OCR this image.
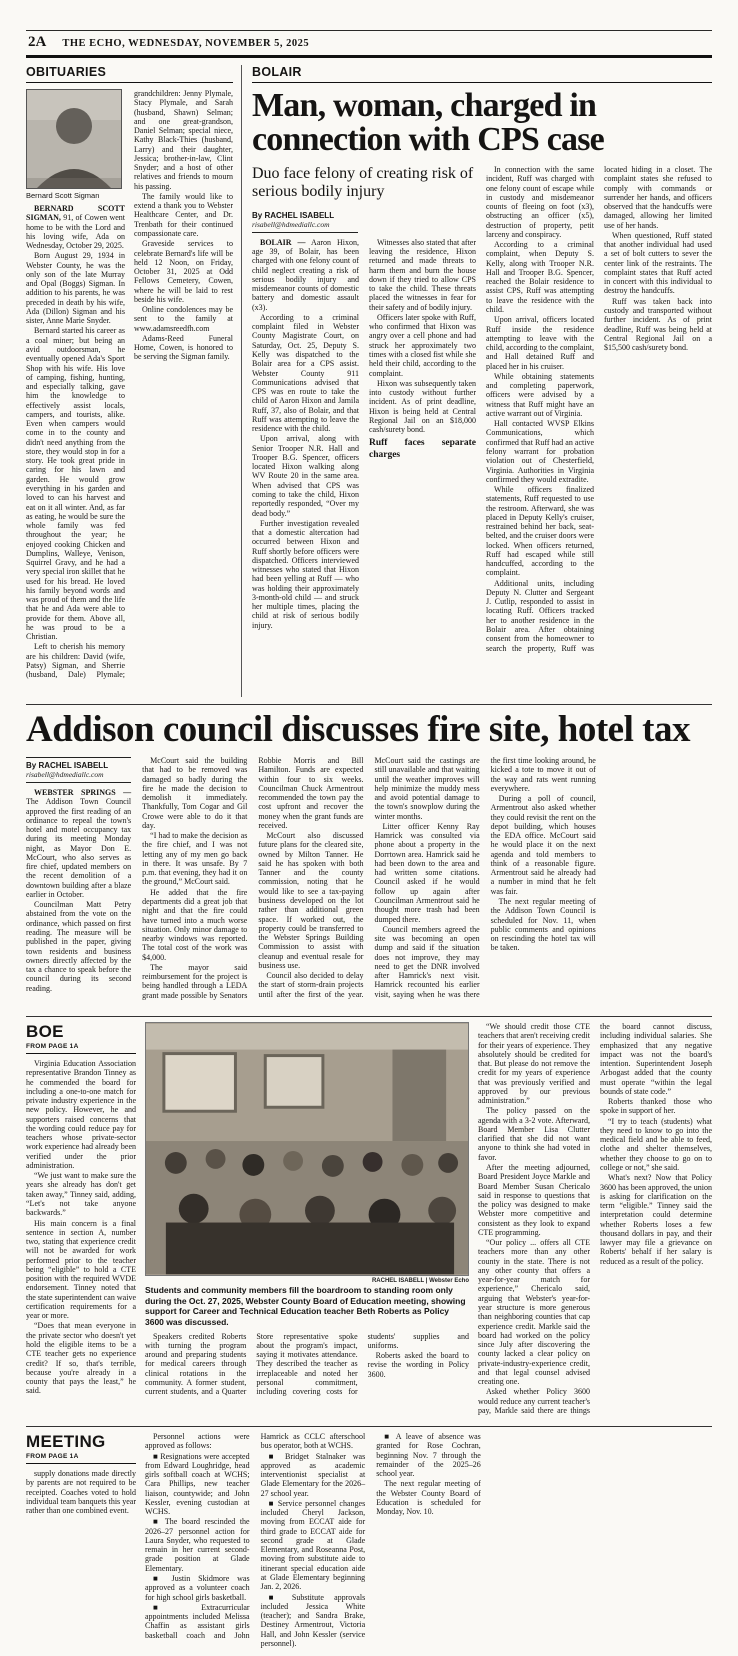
2A THE ECHO, WEDNESDAY, NOVEMBER 5, 2025
OBITUARIES
Bernard Scott Sigman

BERNARD SCOTT SIGMAN, 91, of Cowen went home to be with the Lord and his loving wife, Ada on Wednesday, October 29, 2025.

Born August 29, 1934 in Webster County, he was the only son of the late Murray and Opal (Boggs) Sigman. In addition to his parents, he was preceded in death by his wife, Ada (Dillon) Sigman and his sister, Anne Marie Snyder.

Bernard started his career as a coal miner; but being an avid outdoorsman, he eventually opened Ada's Sport Shop with his wife. His love of camping, fishing, hunting, and especially talking, gave him the knowledge to effectively assist locals, campers, and tourists, alike. Even when campers would come in to the county and didn't need anything from the store, they would stop in for a story. He took great pride in caring for his lawn and garden. He would grow everything in his garden and loved to can his harvest and eat on it all winter. And, as far as eating, he would be sure the whole family was fed throughout the year; he enjoyed cooking Chicken and Dumplins, Walleye, Venison, Squirrel Gravy, and he had a very special iron skillet that he used for his bread. He loved his family beyond words and was proud of them and the life that he and Ada were able to provide for them. Above all, he was proud to be a Christian.

Left to cherish his memory are his children: David (wife, Patsy) Sigman, and Sherrie (husband, Dale) Plymale; grandchildren: Jenny Plymale, Stacy Plymale, and Sarah (husband, Shawn) Selman; and one great-grandson, Daniel Selman; special niece, Kathy Black-Thies (husband, Larry) and their daughter, Jessica; brother-in-law, Clint Snyder; and a host of other relatives and friends to mourn his passing.

The family would like to extend a thank you to Webster Healthcare Center, and Dr. Trenbath for their continued compassionate care.

Graveside services to celebrate Bernard's life will be held 12 Noon, on Friday, October 31, 2025 at Odd Fellows Cemetery, Cowen, where he will be laid to rest beside his wife.

Online condolences may be sent to the family at www.adamsreedfh.com

Adams-Reed Funeral Home, Cowen, is honored to be serving the Sigman family.

BOLAIR
Man, woman, charged in connection with CPS case
Duo face felony of creating risk of serious bodily injury
By RACHEL ISABELL
risabell@hdmediallc.com

BOLAIR — Aaron Hixon, age 39, of Bolair, has been charged with one felony count of child neglect creating a risk of serious bodily injury and misdemeanor counts of domestic battery and domestic assault (x3).

According to a criminal complaint filed in Webster County Magistrate Court, on Saturday, Oct. 25, Deputy S. Kelly was dispatched to the Bolair area for a CPS assist. Webster County 911 Communications advised that CPS was en route to take the child of Aaron Hixon and Jamila Ruff, 37, also of Bolair, and that Ruff was attempting to leave the residence with the child.

Upon arrival, along with Senior Trooper N.R. Hall and Trooper B.G. Spencer, officers located Hixon walking along WV Route 20 in the same area. When advised that CPS was coming to take the child, Hixon reportedly responded, “Over my dead body.”

Further investigation revealed that a domestic altercation had occurred between Hixon and Ruff shortly before officers were dispatched. Officers interviewed witnesses who stated that Hixon had been yelling at Ruff — who was holding their approximately 3-month-old child — and struck her multiple times, placing the child at risk of serious bodily injury.

Witnesses also stated that after leaving the residence, Hixon returned and made threats to harm them and burn the house down if they tried to allow CPS to take the child. These threats placed the witnesses in fear for their safety and of bodily injury.

Officers later spoke with Ruff, who confirmed that Hixon was angry over a cell phone and had struck her approximately two times with a closed fist while she held their child, according to the complaint.

Hixon was subsequently taken into custody without further incident. As of print deadline, Hixon is being held at Central Regional Jail on an $18,000 cash/surety bond.

Ruff faces separate charges

In connection with the same incident, Ruff was charged with one felony count of escape while in custody and misdemeanor counts of fleeing on foot (x3), obstructing an officer (x5), destruction of property, petit larceny and conspiracy.

According to a criminal complaint, when Deputy S. Kelly, along with Trooper N.R. Hall and Trooper B.G. Spencer, reached the Bolair residence to assist CPS, Ruff was attempting to leave the residence with the child.

Upon arrival, officers located Ruff inside the residence attempting to leave with the child, according to the complaint, and Hall detained Ruff and placed her in his cruiser.

While obtaining statements and completing paperwork, officers were advised by a witness that Ruff might have an active warrant out of Virginia.

Hall contacted WVSP Elkins Communications, which confirmed that Ruff had an active felony warrant for probation violation out of Chesterfield, Virginia. Authorities in Virginia confirmed they would extradite.

While officers finalized statements, Ruff requested to use the restroom. Afterward, she was placed in Deputy Kelly's cruiser, restrained behind her back, seat-belted, and the cruiser doors were locked. When officers returned, Ruff had escaped while still handcuffed, according to the complaint.

Additional units, including Deputy N. Clutter and Sergeant J. Cutlip, responded to assist in locating Ruff. Officers tracked her to another residence in the Bolair area. After obtaining consent from the homeowner to search the property, Ruff was located hiding in a closet. The complaint states she refused to comply with commands or surrender her hands, and officers observed that the handcuffs were damaged, allowing her limited use of her hands.

When questioned, Ruff stated that another individual had used a set of bolt cutters to sever the center link of the restraints. The complaint states that Ruff acted in concert with this individual to destroy the handcuffs.

Ruff was taken back into custody and transported without further incident. As of print deadline, Ruff was being held at Central Regional Jail on a $15,500 cash/surety bond.

Addison council discusses fire site, hotel tax
By RACHEL ISABELL
risabell@hdmediallc.com

WEBSTER SPRINGS — The Addison Town Council approved the first reading of an ordinance to repeal the town's hotel and motel occupancy tax during its meeting Monday night, as Mayor Don E. McCourt, who also serves as fire chief, updated members on the recent demolition of a downtown building after a blaze earlier in October.

Councilman Matt Petry abstained from the vote on the ordinance, which passed on first reading. The measure will be published in the paper, giving town residents and business owners directly affected by the tax a chance to speak before the council during its second reading.

McCourt said the building that had to be removed was damaged so badly during the fire he made the decision to demolish it immediately. Thankfully, Tom Cogar and Gil Crowe were able to do it that day.

“I had to make the decision as the fire chief, and I was not letting any of my men go back in there. It was unsafe. By 7 p.m. that evening, they had it on the ground,” McCourt said.

He added that the fire departments did a great job that night and that the fire could have turned into a much worse situation. Only minor damage to nearby windows was reported. The total cost of the work was $4,000.

The mayor said reimbursement for the project is being handled through a LEDA grant made possible by Senators Robbie Morris and Bill Hamilton. Funds are expected within four to six weeks. Councilman Chuck Armentrout recommended the town pay the cost upfront and recover the money when the grant funds are received.

McCourt also discussed future plans for the cleared site, owned by Milton Tanner. He said he has spoken with both Tanner and the county commission, noting that he would like to see a tax-paying business developed on the lot rather than additional green space. If worked out, the property could be transferred to the Webster Springs Building Commission to assist with cleanup and eventual resale for business use.

Council also decided to delay the start of storm-drain projects until after the first of the year. McCourt said the castings are still unavailable and that waiting until the weather improves will help minimize the muddy mess and avoid potential damage to the town's snowplow during the winter months.

Litter officer Kenny Ray Hamrick was consulted via phone about a property in the Dorrtown area. Hamrick said he had been down to the area and had written some citations. Council asked if he would follow up again after Councilman Armentrout said he thought more trash had been dumped there.

Council members agreed the site was becoming an open dump and said if the situation does not improve, they may need to get the DNR involved after Hamrick's next visit. Hamrick recounted his earlier visit, saying when he was there the first time looking around, he kicked a tote to move it out of the way and rats went running everywhere.

During a poll of council, Armentrout also asked whether they could revisit the rent on the depot building, which houses the EDA office. McCourt said he would place it on the next agenda and told members to think of a reasonable figure. Armentrout said he already had a number in mind that he felt was fair.

The next regular meeting of the Addison Town Council is scheduled for Nov. 11, when public comments and opinions on rescinding the hotel tax will be taken.

BOE
FROM PAGE 1A

Virginia Education Association representative Brandon Tinney as he commended the board for including a one-to-one match for private industry experience in the new policy. However, he and supporters raised concerns that the wording could reduce pay for teachers whose private-sector work experience had already been verified under the prior administration.

“We just want to make sure the years she already has don't get taken away,” Tinney said, adding, “Let's not take anyone backwards.”

His main concern is a final sentence in section A, number two, stating that experience credit will not be awarded for work performed prior to the teacher being “eligible” to hold a CTE position with the required WVDE endorsement. Tinney noted that the state superintendent can waive certification requirements for a year or more.

“Does that mean everyone in the private sector who doesn't yet hold the eligible items to be a CTE teacher gets no experience credit? If so, that's terrible, because you're already in a county that pays the least,” he said.

RACHEL ISABELL | Webster Echo
Students and community members fill the boardroom to standing room only during the Oct. 27, 2025, Webster County Board of Education meeting, showing support for Career and Technical Education teacher Beth Roberts as Policy 3600 was discussed.

Speakers credited Roberts with turning the program around and preparing students for medical careers through clinical rotations in the community. A former student, current students, and a Quarter Store representative spoke about the program's impact, saying it motivates attendance. They described the teacher as irreplaceable and noted her personal commitment, including covering costs for students' supplies and uniforms.

Roberts asked the board to revise the wording in Policy 3600.

“We should credit those CTE teachers that aren't receiving credit for their years of experience. They absolutely should be credited for that. But please do not remove the credit for my years of experience that was previously verified and approved by our previous administration.”

The policy passed on the agenda with a 3-2 vote. Afterward, Board Member Lisa Clutter clarified that she did not want anyone to think she had voted in favor.

After the meeting adjourned, Board President Joyce Markle and Board Member Susan Chericalo said in response to questions that the policy was designed to make Webster more competitive and consistent as they look to expand CTE programming.

“Our policy ... offers all CTE teachers more than any other county in the state. There is not any other county that offers a year-for-year match for experience,” Chericalo said, arguing that Webster's year-for-year structure is more generous than neighboring counties that cap experience credit. Markle said the board had worked on the policy since July after discovering the county lacked a clear policy on private-industry-experience credit, and that legal counsel advised creating one.

Asked whether Policy 3600 would reduce any current teacher's pay, Markle said there are things the board cannot discuss, including individual salaries. She emphasized that any negative impact was not the board's intention. Superintendent Joseph Arbogast added that the county must operate “within the legal bounds of state code.”

Roberts thanked those who spoke in support of her.

“I try to teach (students) what they need to know to go into the medical field and be able to feed, clothe and shelter themselves, whether they choose to go on to college or not,” she said.

What's next? Now that Policy 3600 has been approved, the union is asking for clarification on the term “eligible.” Tinney said the interpretation could determine whether Roberts loses a few thousand dollars in pay, and their lawyer may file a grievance on Roberts' behalf if her salary is reduced as a result of the policy.

MEETING
FROM PAGE 1A

supply donations made directly by parents are not required to be receipted. Coaches voted to hold individual team banquets this year rather than one combined event.

Personnel actions were approved as follows:

■ Resignations were accepted from Edward Loughridge, head girls softball coach at WCHS; Cara Phillips, new teacher liaison, countywide; and John Kessler, evening custodian at WCHS.

■ The board rescinded the 2026–27 personnel action for Laura Snyder, who requested to remain in her current second-grade position at Glade Elementary.

■ Justin Skidmore was approved as a volunteer coach for high school girls basketball.

■ Extracurricular appointments included Melissa Chaffin as assistant girls basketball coach and John Hamrick as CCLC afterschool bus operator, both at WCHS.

■ Bridget Stalnaker was approved as academic interventionist specialist at Glade Elementary for the 2026–27 school year.

■ Service personnel changes included Cheryl Jackson, moving from ECCAT aide for third grade to ECCAT aide for second grade at Glade Elementary, and Roseanna Post, moving from substitute aide to itinerant special education aide at Glade Elementary beginning Jan. 2, 2026.

■ Substitute approvals included Jessica White (teacher); and Sandra Brake, Destiney Armentrout, Victoria Hall, and John Kessler (service personnel).

■ A leave of absence was granted for Rose Cochran, beginning Nov. 7 through the remainder of the 2025–26 school year.

The next regular meeting of the Webster County Board of Education is scheduled for Monday, Nov. 10.
